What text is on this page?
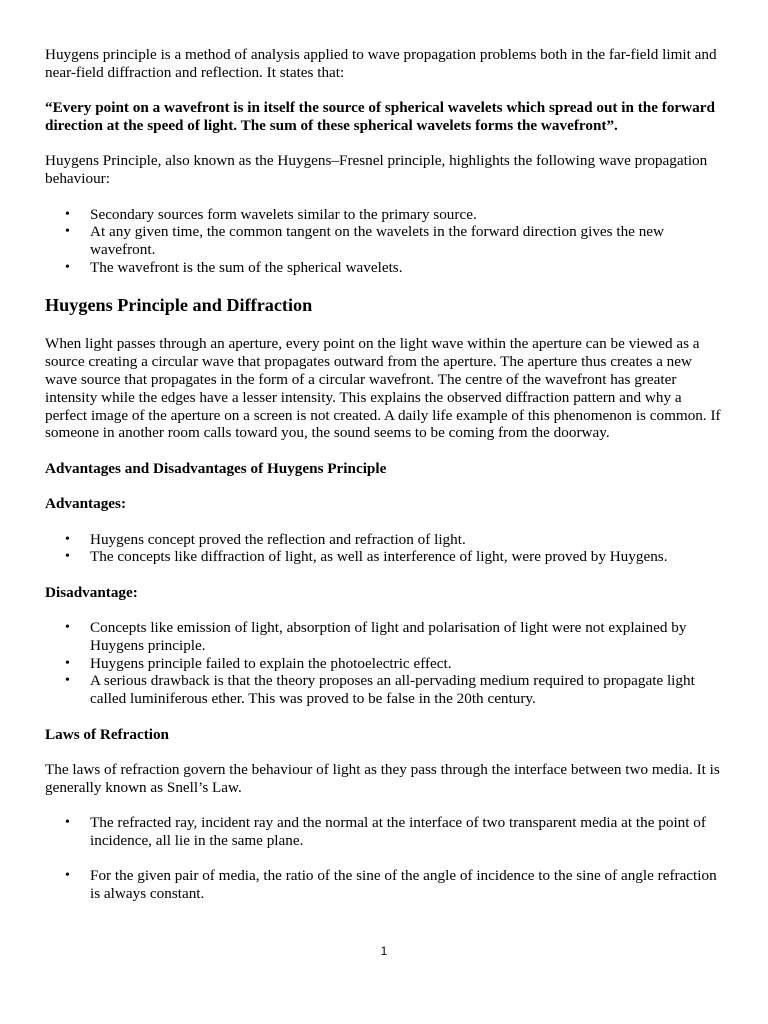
Huygens principle is a method of analysis applied to wave propagation problems both in the far-field limit and near-field diffraction and reflection. It states that:

“Every point on a wavefront is in itself the source of spherical wavelets which spread out in the forward direction at the speed of light. The sum of these spherical wavelets forms the wavefront”.

Huygens Principle, also known as the Huygens–Fresnel principle, highlights the following wave propagation behaviour:

• Secondary sources form wavelets similar to the primary source.
• At any given time, the common tangent on the wavelets in the forward direction gives the new wavefront.
• The wavefront is the sum of the spherical wavelets.
Huygens Principle and Diffraction

When light passes through an aperture, every point on the light wave within the aperture can be viewed as a source creating a circular wave that propagates outward from the aperture. The aperture thus creates a new wave source that propagates in the form of a circular wavefront. The centre of the wavefront has greater intensity while the edges have a lesser intensity. This explains the observed diffraction pattern and why a perfect image of the aperture on a screen is not created. A daily life example of this phenomenon is common. If someone in another room calls toward you, the sound seems to be coming from the doorway.

Advantages and Disadvantages of Huygens Principle

Advantages:

• Huygens concept proved the reflection and refraction of light.
• The concepts like diffraction of light, as well as interference of light, were proved by Huygens.

Disadvantage:

• Concepts like emission of light, absorption of light and polarisation of light were not explained by Huygens principle.
• Huygens principle failed to explain the photoelectric effect.
• A serious drawback is that the theory proposes an all-pervading medium required to propagate light called luminiferous ether. This was proved to be false in the 20th century.

Laws of Refraction

The laws of refraction govern the behaviour of light as they pass through the interface between two media. It is generally known as Snell’s Law.

• The refracted ray, incident ray and the normal at the interface of two transparent media at the point of incidence, all lie in the same plane.
• For the given pair of media, the ratio of the sine of the angle of incidence to the sine of angle refraction is always constant.
1
